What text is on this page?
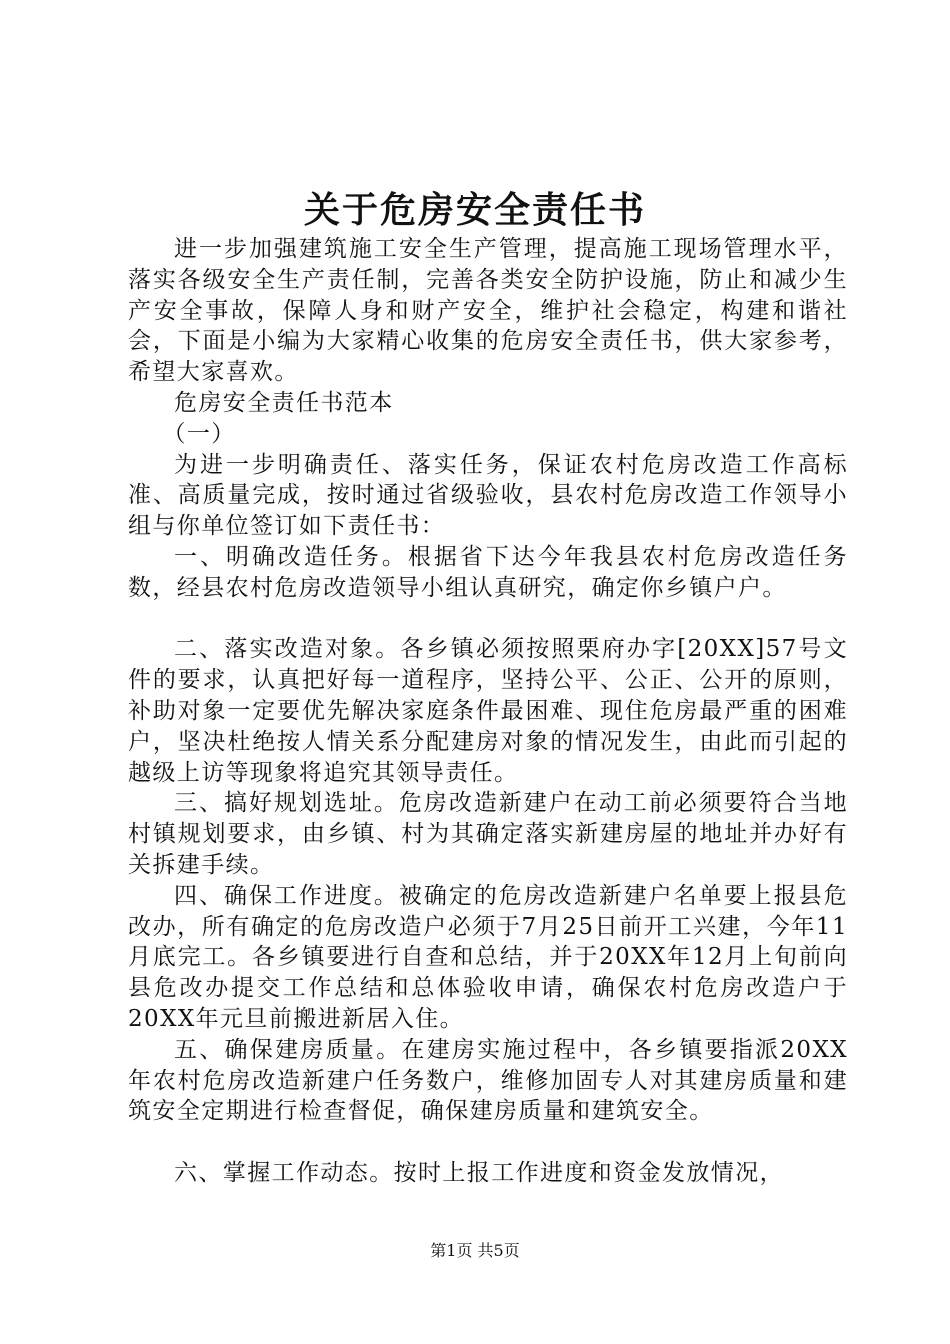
关于危房安全责任书

进一步加强建筑施工安全生产管理，提高施工现场管理水平，落实各级安全生产责任制，完善各类安全防护设施，防止和减少生产安全事故，保障人身和财产安全，维护社会稳定，构建和谐社会，下面是小编为大家精心收集的危房安全责任书，供大家参考，希望大家喜欢。

危房安全责任书范本

（一）

为进一步明确责任、落实任务，保证农村危房改造工作高标准、高质量完成，按时通过省级验收，县农村危房改造工作领导小组与你单位签订如下责任书：

一、明确改造任务。根据省下达今年我县农村危房改造任务数，经县农村危房改造领导小组认真研究，确定你乡镇户户。

二、落实改造对象。各乡镇必须按照栗府办字[20XX]57号文件的要求，认真把好每一道程序，坚持公平、公正、公开的原则，补助对象一定要优先解决家庭条件最困难、现住危房最严重的困难户，坚决杜绝按人情关系分配建房对象的情况发生，由此而引起的越级上访等现象将追究其领导责任。

三、搞好规划选址。危房改造新建户在动工前必须要符合当地村镇规划要求，由乡镇、村为其确定落实新建房屋的地址并办好有关拆建手续。

四、确保工作进度。被确定的危房改造新建户名单要上报县危改办，所有确定的危房改造户必须于7月25日前开工兴建，今年11月底完工。各乡镇要进行自查和总结，并于20XX年12月上旬前向县危改办提交工作总结和总体验收申请，确保农村危房改造户于20XX年元旦前搬进新居入住。

五、确保建房质量。在建房实施过程中，各乡镇要指派20XX年农村危房改造新建户任务数户，维修加固专人对其建房质量和建筑安全定期进行检查督促，确保建房质量和建筑安全。

六、掌握工作动态。按时上报工作进度和资金发放情况，

第1页 共5页
